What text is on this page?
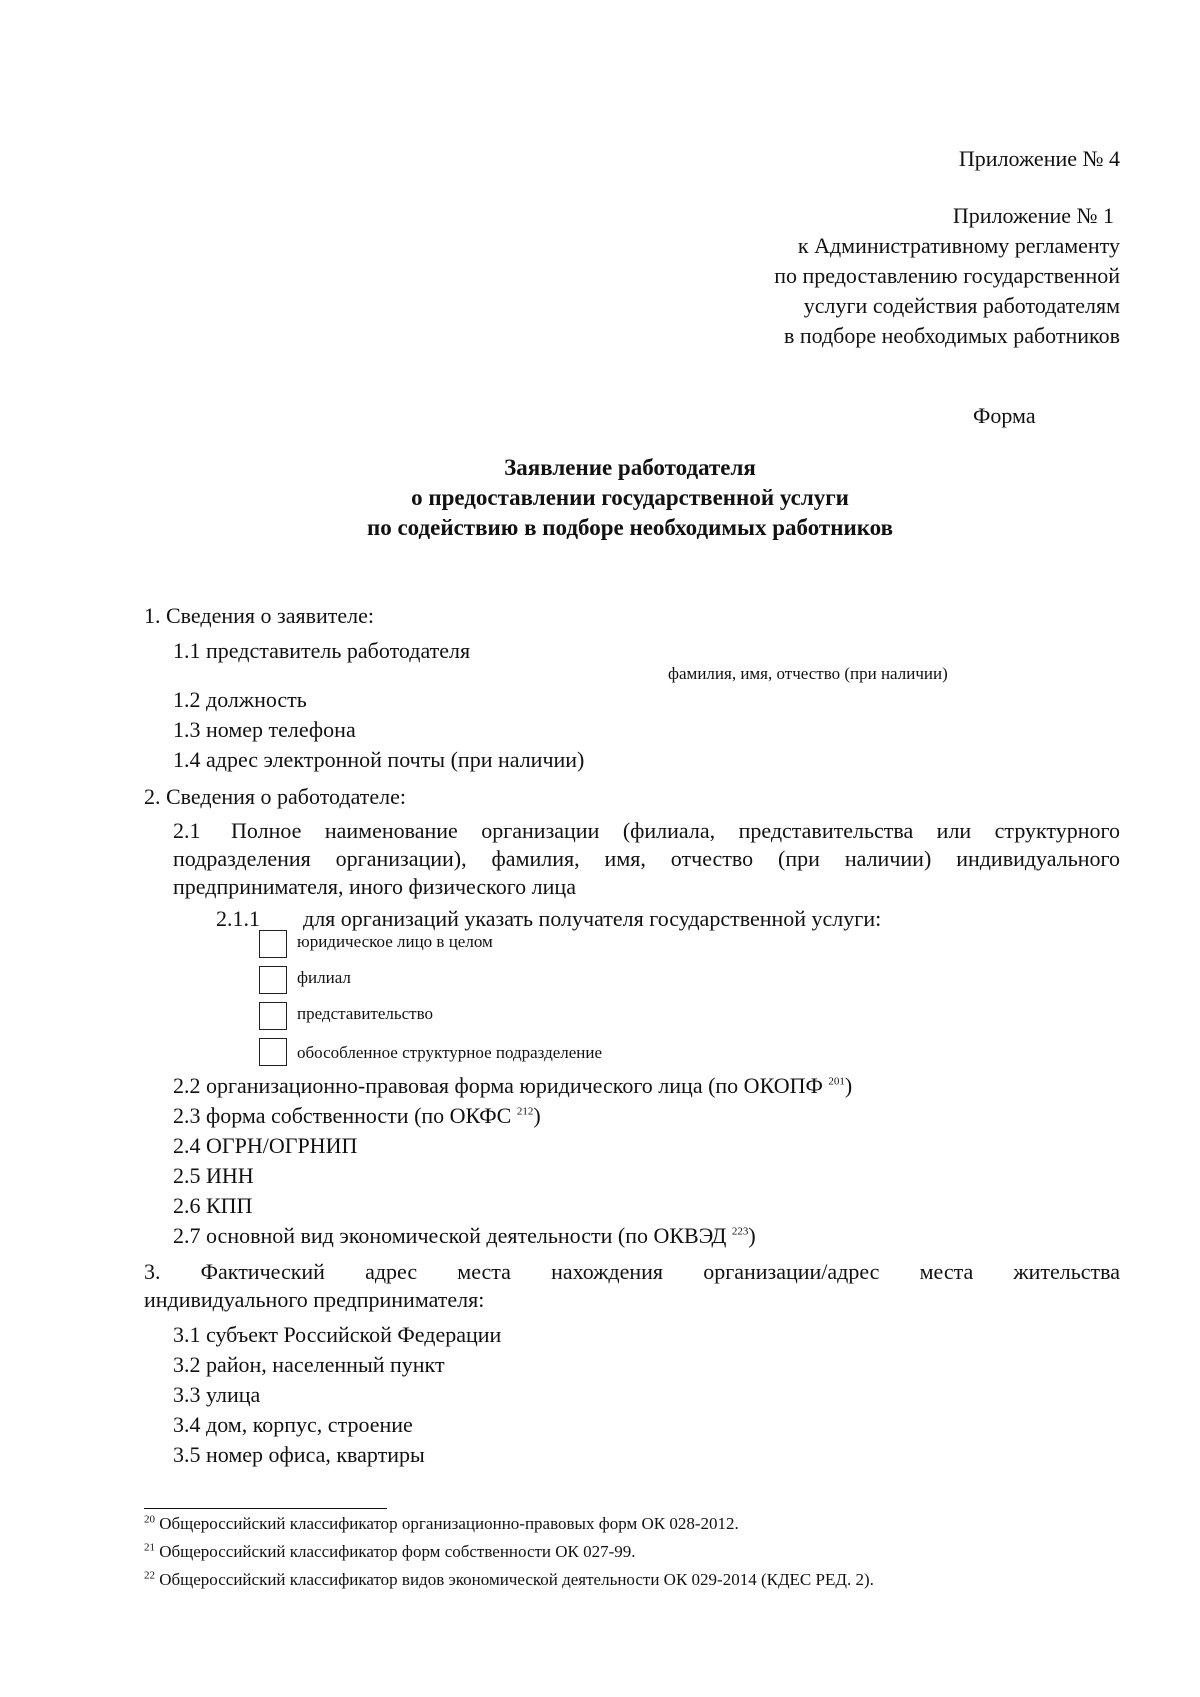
Приложение № 4
Приложение № 1
к Административному регламенту
по предоставлению государственной
услуги содействия работодателям
в подборе необходимых работников
Форма
Заявление работодателя
о предоставлении государственной услуги
по содействию в подборе необходимых работников
1. Сведения о заявителе:
1.1 представитель работодателя
фамилия, имя, отчество (при наличии)
1.2 должность
1.3 номер телефона
1.4 адрес электронной почты (при наличии)
2. Сведения о работодателе:
2.1 Полное наименование организации (филиала, представительства или структурного
подразделения организации), фамилия, имя, отчество (при наличии) индивидуального
предпринимателя, иного физического лица
2.1.1 для организаций указать получателя государственной услуги:
юридическое лицо в целом
филиал
представительство
обособленное структурное подразделение
2.2 организационно-правовая форма юридического лица (по ОКОПФ $^{201}$)
2.3 форма собственности (по ОКФС $^{212}$)
2.4 ОГРН/ОГРНИП
2.5 ИНН
2.6 КПП
2.7 основной вид экономической деятельности (по ОКВЭД $^{223}$)
3. Фактический адрес места нахождения организации/адрес места жительства
индивидуального предпринимателя:
3.1 субъект Российской Федерации
3.2 район, населенный пункт
3.3 улица
3.4 дом, корпус, строение
3.5 номер офиса, квартиры
$^{20}$ Общероссийский классификатор организационно-правовых форм ОК 028-2012.
$^{21}$ Общероссийский классификатор форм собственности ОК 027-99.
$^{22}$ Общероссийский классификатор видов экономической деятельности ОК 029-2014 (КДЕС РЕД. 2).
